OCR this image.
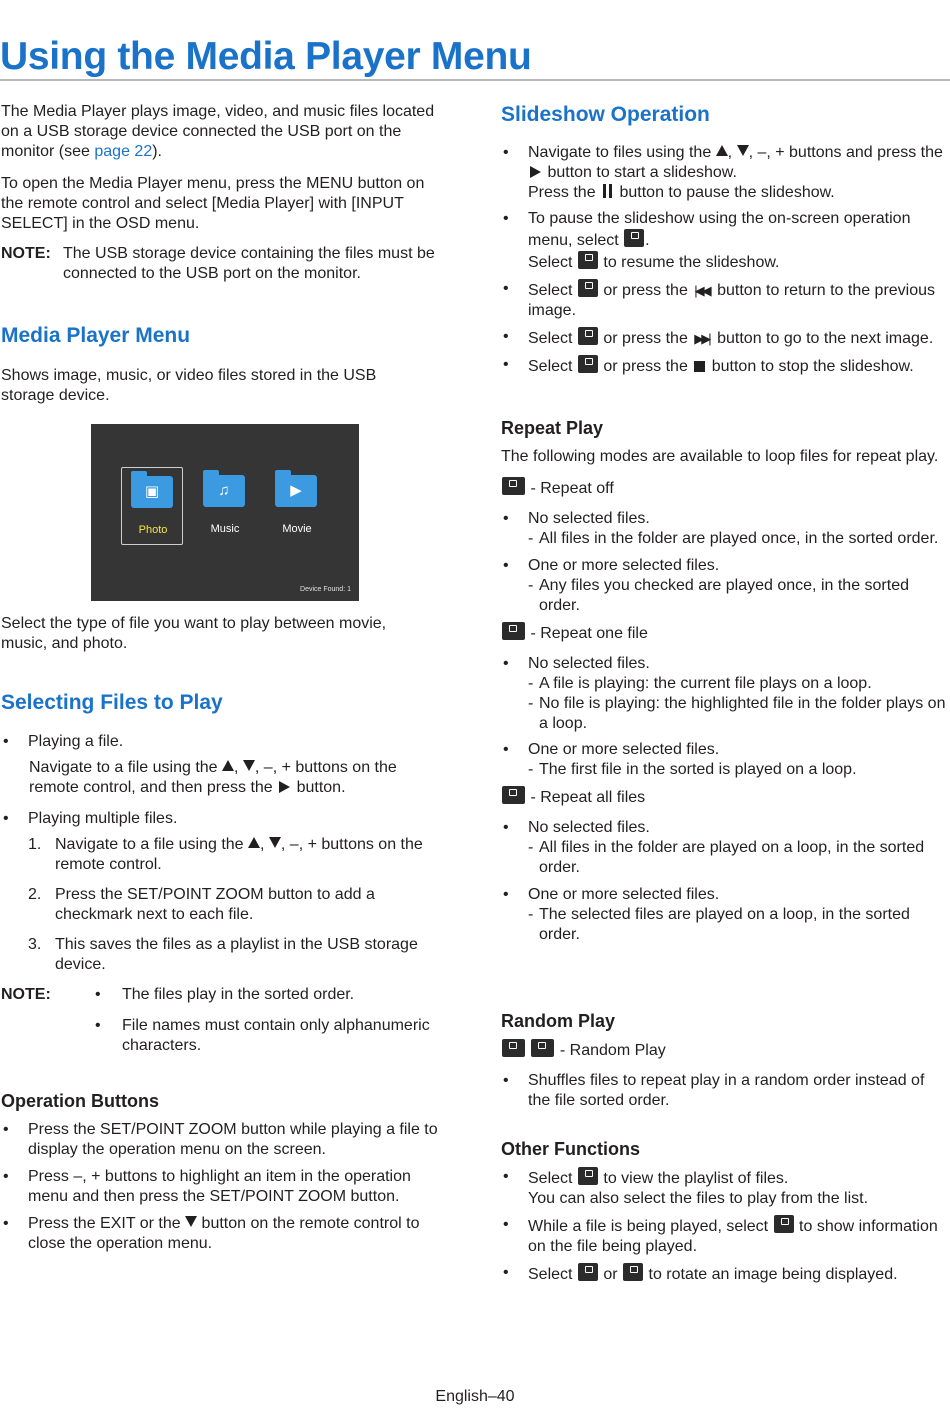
Using the Media Player Menu

The Media Player plays image, video, and music files located on a USB storage device connected the USB port on the monitor (see page 22).

To open the Media Player menu, press the MENU button on the remote control and select [Media Player] with [INPUT SELECT] in the OSD menu.

NOTE: The USB storage device containing the files must be connected to the USB port on the monitor.
Media Player Menu

Shows image, music, or video files stored in the USB storage device.

▣
Photo
♫
Music
▶
Movie
Device Found: 1

Select the type of file you want to play between movie, music, and photo.

Selecting Files to Play
• Playing a file.

Navigate to a file using the , , –, + buttons on the remote control, and then press the  button.

• Playing multiple files.
1. Navigate to a file using the , , –, + buttons on the remote control.
2. Press the SET/POINT ZOOM button to add a checkmark next to each file.
3. This saves the files as a playlist in the USB storage device.
NOTE:	• The files play in the sorted order.
• File names must contain only alphanumeric characters.
Operation Buttons
• Press the SET/POINT ZOOM button while playing a file to display the operation menu on the screen.
• Press –, + buttons to highlight an item in the operation menu and then press the SET/POINT ZOOM button.
• Press the EXIT or the  button on the remote control to close the operation menu.
Slideshow Operation
• Navigate to files using the , , –, + buttons and press the  button to start a slideshow.
Press the  button to pause the slideshow.
• To pause the slideshow using the on-screen operation menu, select .
Select  to resume the slideshow.
• Select  or press the |◀◀ button to return to the previous image.
• Select  or press the ▶▶| button to go to the next image.
• Select  or press the  button to stop the slideshow.
Repeat Play

The following modes are available to loop files for repeat play.

- Repeat off

• No selected files.
- All files in the folder are played once, in the sorted order.
• One or more selected files.
- Any files you checked are played once, in the sorted order.

- Repeat one file

• No selected files.
- A file is playing: the current file plays on a loop.
- No file is playing: the highlighted file in the folder plays on a loop.
• One or more selected files.
- The first file in the sorted is played on a loop.

- Repeat all files

• No selected files.
- All files in the folder are played on a loop, in the sorted order.
• One or more selected files.
- The selected files are played on a loop, in the sorted order.
Random Play

- Random Play

• Shuffles files to repeat play in a random order instead of the file sorted order.
Other Functions
• Select  to view the playlist of files.
You can also select the files to play from the list.
• While a file is being played, select  to show information on the file being played.
• Select  or  to rotate an image being displayed.
English–40
